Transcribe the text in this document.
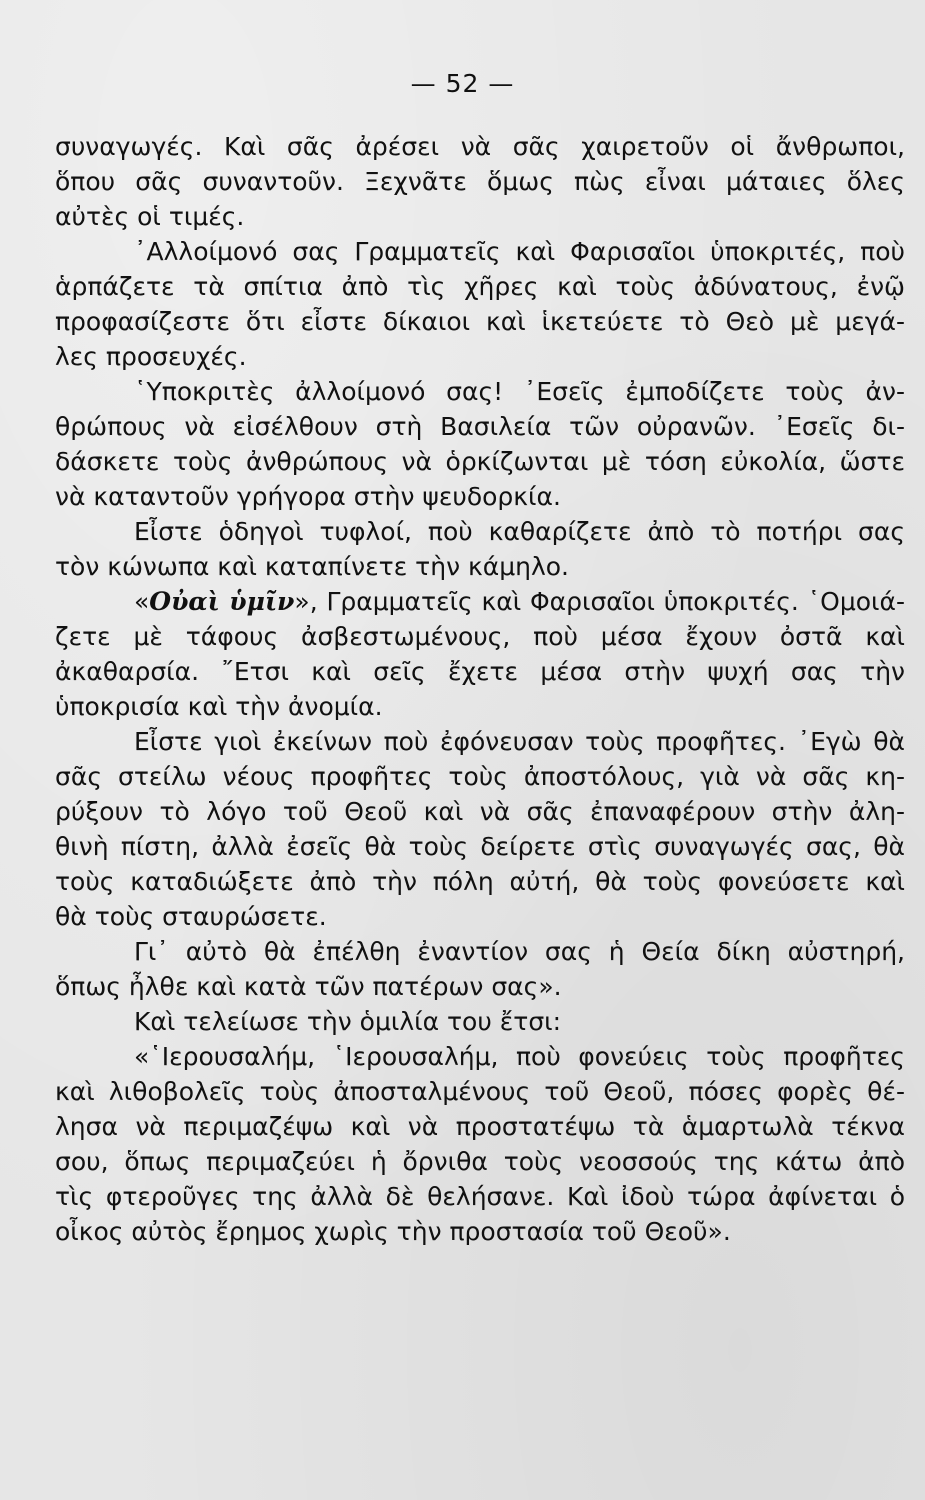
— 52 —
συναγωγές. Καὶ σᾶς ἀρέσει νὰ σᾶς χαιρετοῦν οἱ ἄνθρωποι,
ὅπου σᾶς συναντοῦν. Ξεχνᾶτε ὅμως πὼς εἶναι μάταιες ὅλες
αὐτὲς οἱ τιμές.
᾿Αλλοίμονό σας Γραμματεῖς καὶ Φαρισαῖοι ὑποκριτές, ποὺ
ἁρπάζετε τὰ σπίτια ἀπὸ τὶς χῆρες καὶ τοὺς ἀδύνατους, ἐνῷ
προφασίζεστε ὅτι εἶστε δίκαιοι καὶ ἱκετεύετε τὸ Θεὸ μὲ μεγά-
λες προσευχές.
῾Υποκριτὲς ἀλλοίμονό σας! ᾿Εσεῖς ἐμποδίζετε τοὺς ἀν-
θρώπους νὰ εἰσέλθουν στὴ Βασιλεία τῶν οὐρανῶν. ᾿Εσεῖς δι-
δάσκετε τοὺς ἀνθρώπους νὰ ὁρκίζωνται μὲ τόση εὐκολία, ὥστε
νὰ καταντοῦν γρήγορα στὴν ψευδορκία.
Εἶστε ὁδηγοὶ τυφλοί, ποὺ καθαρίζετε ἀπὸ τὸ ποτήρι σας
τὸν κώνωπα καὶ καταπίνετε τὴν κάμηλο.
«Οὐαὶ ὑμῖν», Γραμματεῖς καὶ Φαρισαῖοι ὑποκριτές. ῾Ομοιά-
ζετε μὲ τάφους ἀσβεστωμένους, ποὺ μέσα ἔχουν ὀστᾶ καὶ
ἀκαθαρσία. ῎Ετσι καὶ σεῖς ἔχετε μέσα στὴν ψυχή σας τὴν
ὑποκρισία καὶ τὴν ἀνομία.
Εἶστε γιοὶ ἐκείνων ποὺ ἐφόνευσαν τοὺς προφῆτες. ᾿Εγὼ θὰ
σᾶς στείλω νέους προφῆτες τοὺς ἀποστόλους, γιὰ νὰ σᾶς κη-
ρύξουν τὸ λόγο τοῦ Θεοῦ καὶ νὰ σᾶς ἐπαναφέρουν στὴν ἀλη-
θινὴ πίστη, ἀλλὰ ἐσεῖς θὰ τοὺς δείρετε στὶς συναγωγές σας, θὰ
τοὺς καταδιώξετε ἀπὸ τὴν πόλη αὐτή, θὰ τοὺς φονεύσετε καὶ
θὰ τοὺς σταυρώσετε.
Γι᾿ αὐτὸ θὰ ἐπέλθη ἐναντίον σας ἡ Θεία δίκη αὐστηρή,
ὅπως ἦλθε καὶ κατὰ τῶν πατέρων σας».
Καὶ τελείωσε τὴν ὁμιλία του ἔτσι:
«῾Ιερουσαλήμ, ῾Ιερουσαλήμ, ποὺ φονεύεις τοὺς προφῆτες
καὶ λιθοβολεῖς τοὺς ἀποσταλμένους τοῦ Θεοῦ, πόσες φορὲς θέ-
λησα νὰ περιμαζέψω καὶ νὰ προστατέψω τὰ ἁμαρτωλὰ τέκνα
σου, ὅπως περιμαζεύει ἡ ὄρνιθα τοὺς νεοσσούς της κάτω ἀπὸ
τὶς φτεροῦγες της ἀλλὰ δὲ θελήσανε. Καὶ ἰδοὺ τώρα ἀφίνεται ὁ
οἶκος αὐτὸς ἔρημος χωρὶς τὴν προστασία τοῦ Θεοῦ».
